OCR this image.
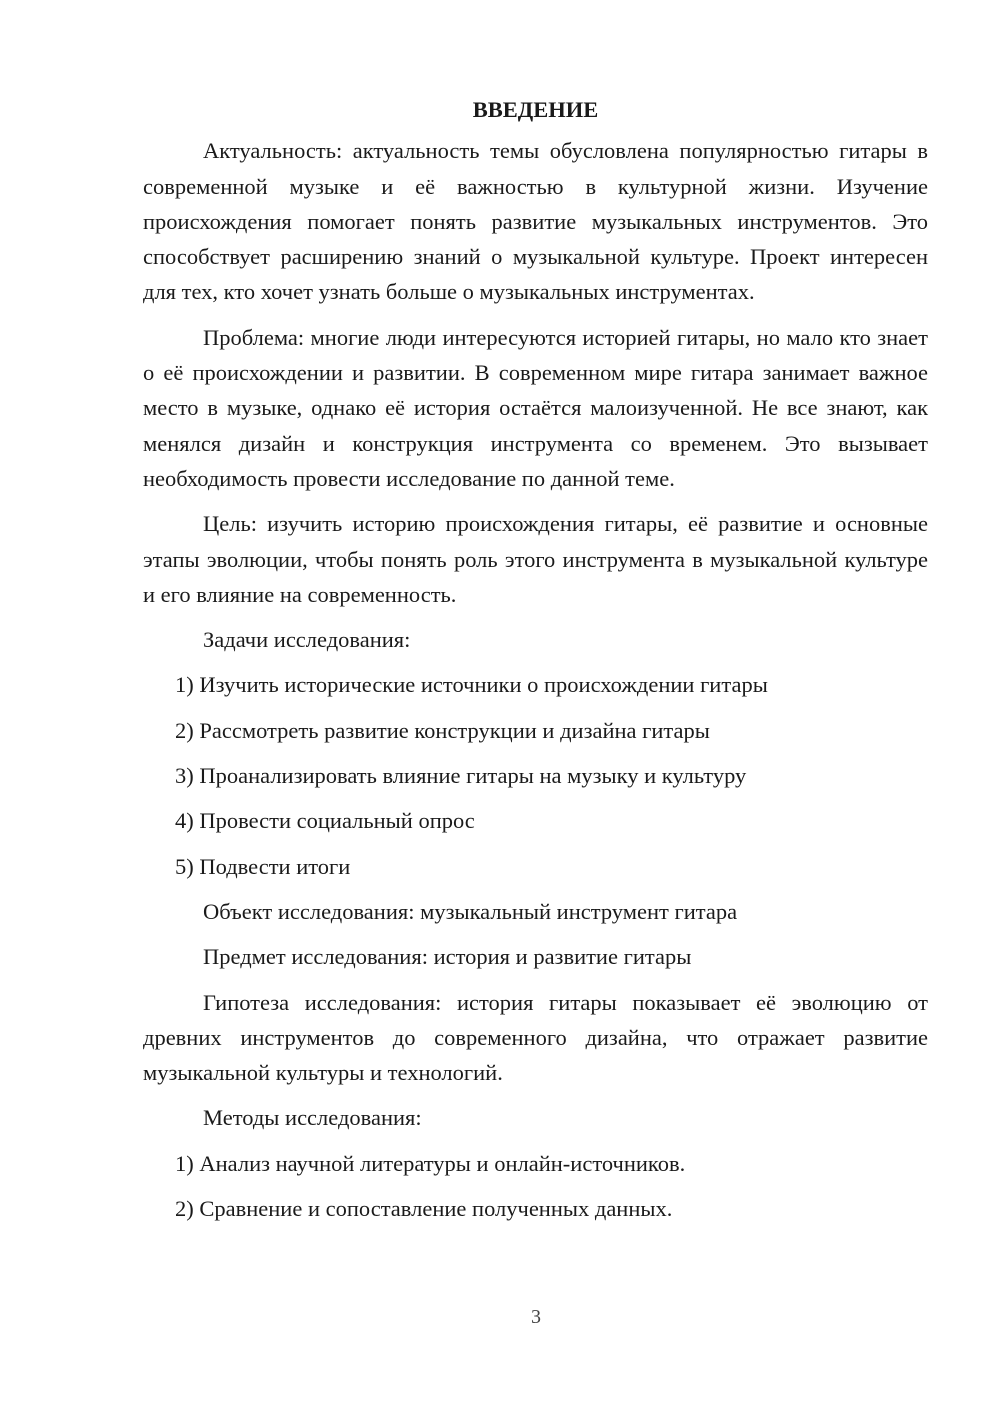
ВВЕДЕНИЕ

Актуальность: актуальность темы обусловлена популярностью гитары в современной музыке и её важностью в культурной жизни. Изучение происхождения помогает понять развитие музыкальных инструментов. Это способствует расширению знаний о музыкальной культуре. Проект интересен для тех, кто хочет узнать больше о музыкальных инструментах.

Проблема: многие люди интересуются историей гитары, но мало кто знает о её происхождении и развитии. В современном мире гитара занимает важное место в музыке, однако её история остаётся малоизученной. Не все знают, как менялся дизайн и конструкция инструмента со временем. Это вызывает необходимость провести исследование по данной теме.

Цель: изучить историю происхождения гитары, её развитие и основные этапы эволюции, чтобы понять роль этого инструмента в музыкальной культуре и его влияние на современность.

Задачи исследования:
1) Изучить исторические источники о происхождении гитары
2) Рассмотреть развитие конструкции и дизайна гитары
3) Проанализировать влияние гитары на музыку и культуру
4) Провести социальный опрос
5) Подвести итоги
Объект исследования: музыкальный инструмент гитара
Предмет исследования: история и развитие гитары

Гипотеза исследования: история гитары показывает её эволюцию от древних инструментов до современного дизайна, что отражает развитие музыкальной культуры и технологий.

Методы исследования:
1) Анализ научной литературы и онлайн-источников.
2) Сравнение и сопоставление полученных данных.
3
